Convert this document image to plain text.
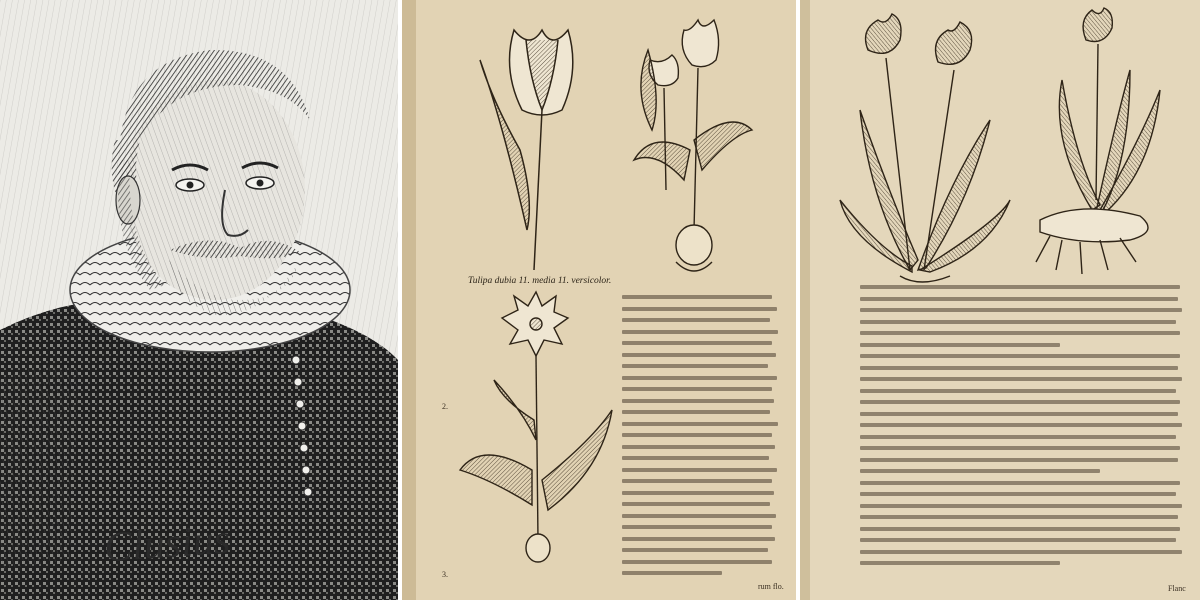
Clusius
Tulipa dubia 11. media 11. versicolor.
2.
3.
rum flo.	Flanc
